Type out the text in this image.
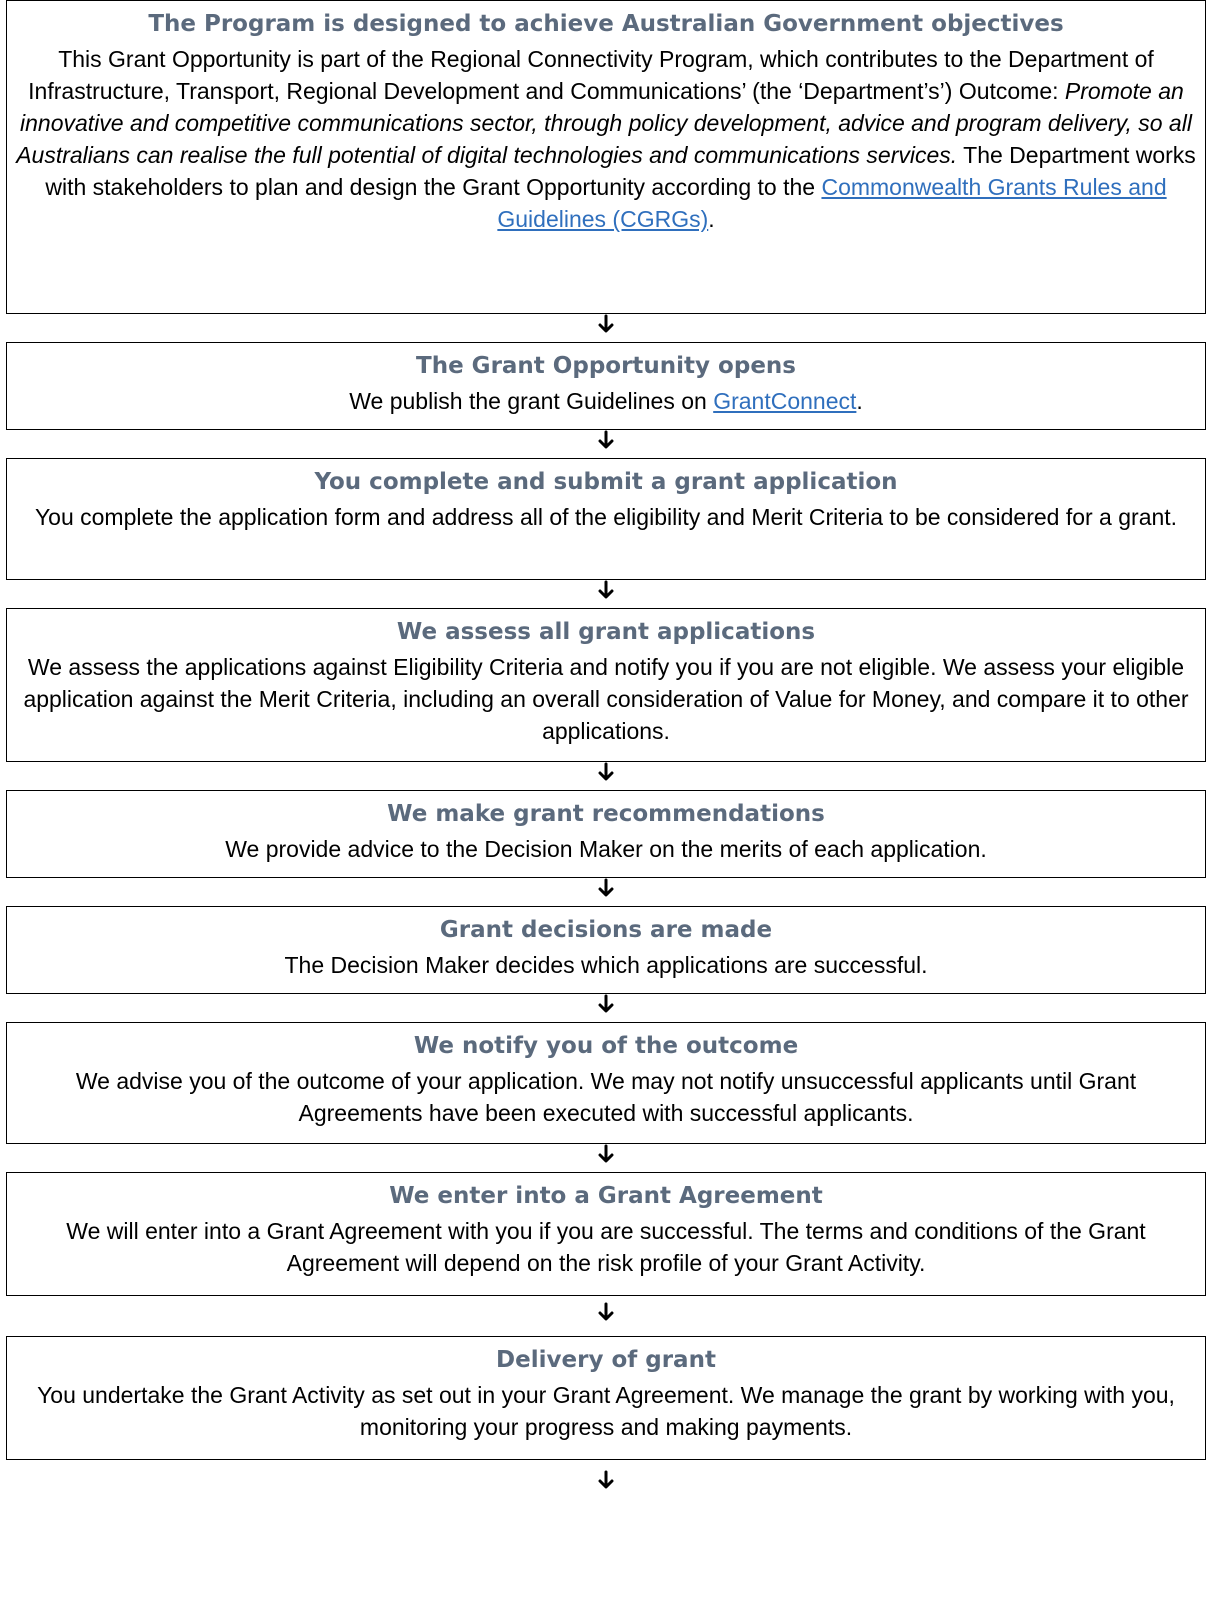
The Program is designed to achieve Australian Government objectives
This Grant Opportunity is part of the Regional Connectivity Program, which contributes to the Department of Infrastructure, Transport, Regional Development and Communications’ (the ‘Department’s’) Outcome: Promote an innovative and competitive communications sector, through policy development, advice and program delivery, so all Australians can realise the full potential of digital technologies and communications services. The Department works with stakeholders to plan and design the Grant Opportunity according to the Commonwealth Grants Rules and Guidelines (CGRGs).
The Grant Opportunity opens
We publish the grant Guidelines on GrantConnect.
You complete and submit a grant application
You complete the application form and address all of the eligibility and Merit Criteria to be considered for a grant.
We assess all grant applications
We assess the applications against Eligibility Criteria and notify you if you are not eligible. We assess your eligible application against the Merit Criteria, including an overall consideration of Value for Money, and compare it to other applications.
We make grant recommendations
We provide advice to the Decision Maker on the merits of each application.
Grant decisions are made
The Decision Maker decides which applications are successful.
We notify you of the outcome
We advise you of the outcome of your application. We may not notify unsuccessful applicants until Grant Agreements have been executed with successful applicants.
We enter into a Grant Agreement
We will enter into a Grant Agreement with you if you are successful. The terms and conditions of the Grant Agreement will depend on the risk profile of your Grant Activity.
Delivery of grant
You undertake the Grant Activity as set out in your Grant Agreement. We manage the grant by working with you, monitoring your progress and making payments.
